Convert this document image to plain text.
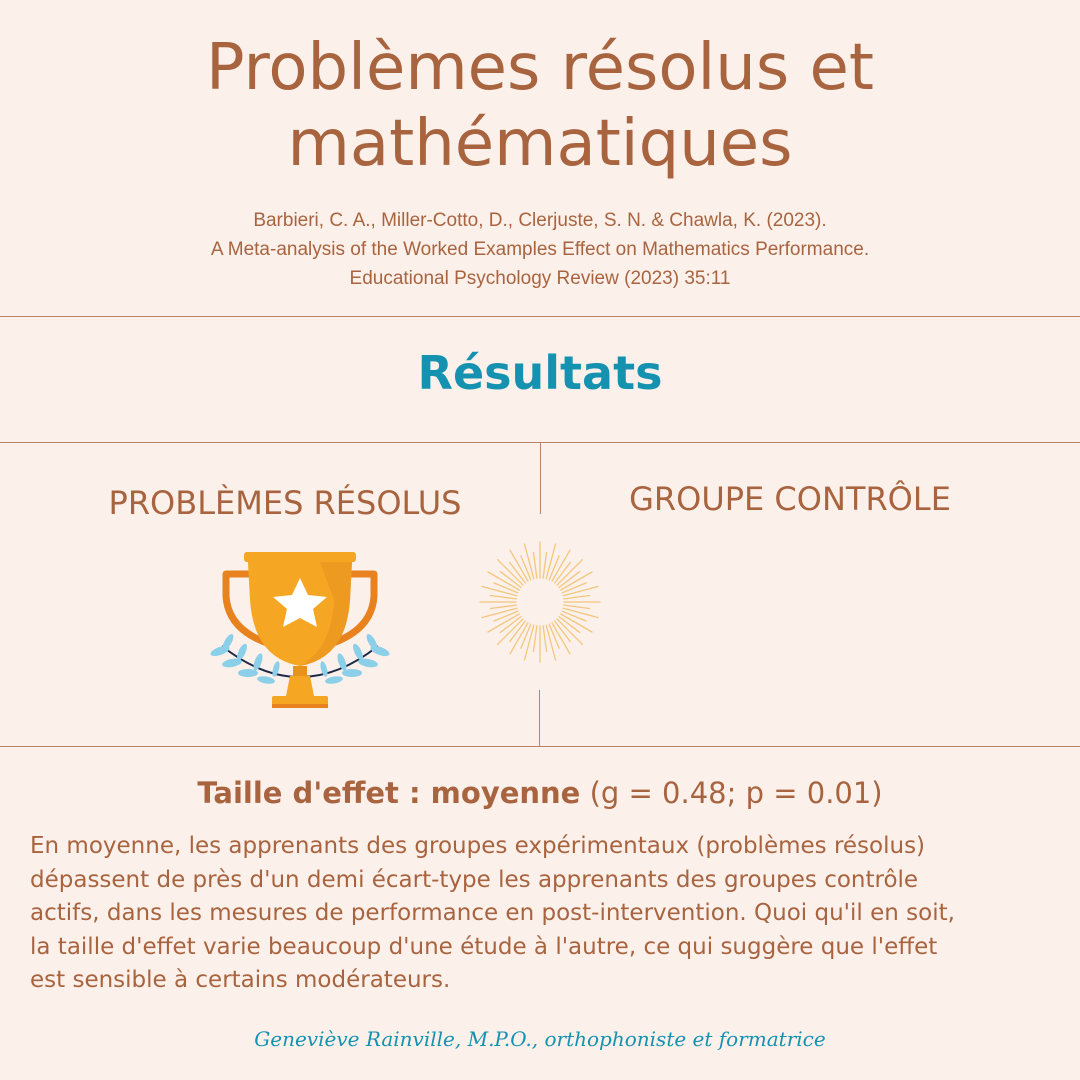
Problèmes résolus et
mathématiques
Barbieri, C. A., Miller-Cotto, D., Clerjuste, S. N. & Chawla, K. (2023).
A Meta-analysis of the Worked Examples Effect on Mathematics Performance.
Educational Psychology Review (2023) 35:11
Résultats
PROBLÈMES RÉSOLUS	GROUPE CONTRÔLE
Taille d'effet : moyenne (g = 0.48; p = 0.01)
En moyenne, les apprenants des groupes expérimentaux (problèmes résolus)
dépassent de près d'un demi écart-type les apprenants des groupes contrôle
actifs, dans les mesures de performance en post-intervention. Quoi qu'il en soit,
la taille d'effet varie beaucoup d'une étude à l'autre, ce qui suggère que l'effet
est sensible à certains modérateurs.
Geneviève Rainville, M.P.O., orthophoniste et formatrice
